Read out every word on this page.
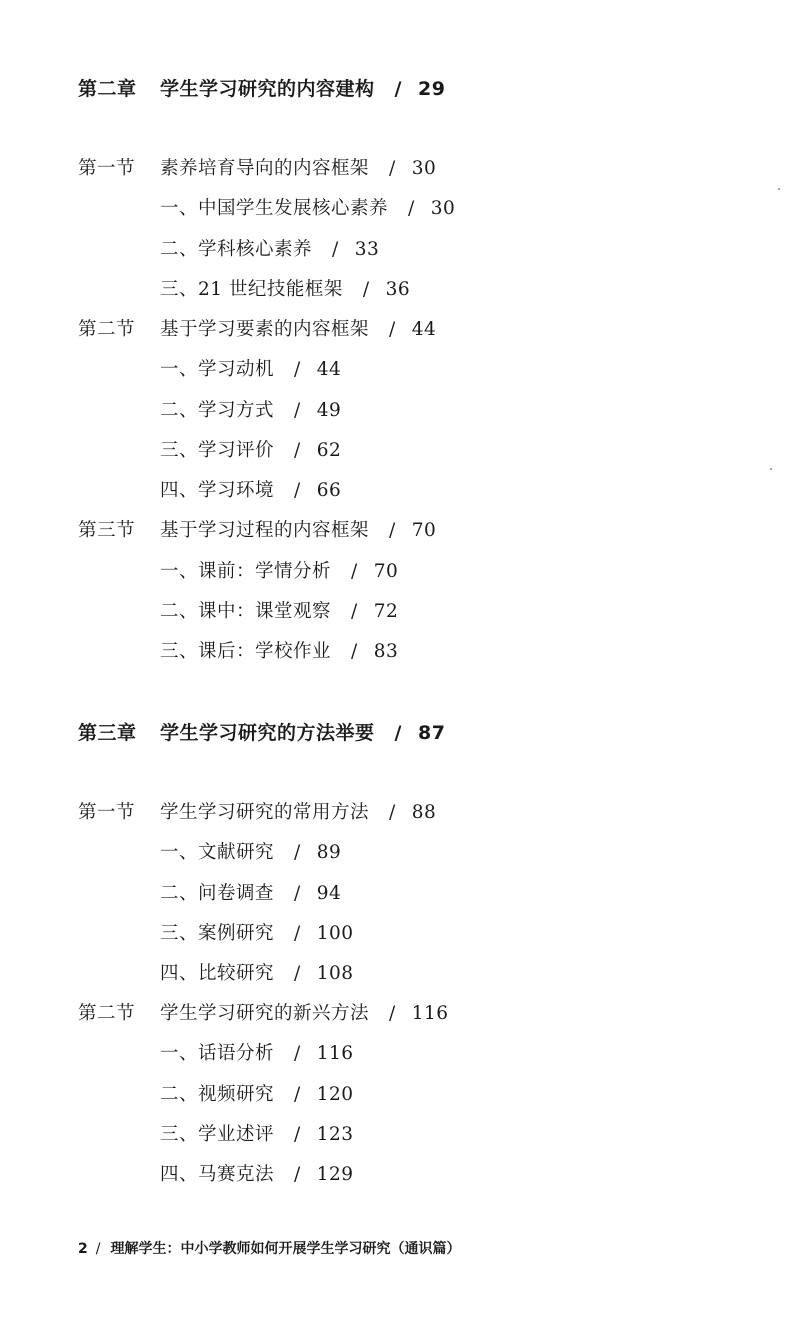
第二章 学生学习研究的内容建构 / 29
第一节 素养培育导向的内容框架 / 30
一、中国学生发展核心素养 / 30
二、学科核心素养 / 33
三、21 世纪技能框架 / 36
第二节 基于学习要素的内容框架 / 44
一、学习动机 / 44
二、学习方式 / 49
三、学习评价 / 62
四、学习环境 / 66
第三节 基于学习过程的内容框架 / 70
一、课前：学情分析 / 70
二、课中：课堂观察 / 72
三、课后：学校作业 / 83
第三章 学生学习研究的方法举要 / 87
第一节 学生学习研究的常用方法 / 88
一、文献研究 / 89
二、问卷调查 / 94
三、案例研究 / 100
四、比较研究 / 108
第二节 学生学习研究的新兴方法 / 116
一、话语分析 / 116
二、视频研究 / 120
三、学业述评 / 123
四、马赛克法 / 129
2 / 理解学生：中小学教师如何开展学生学习研究（通识篇）
